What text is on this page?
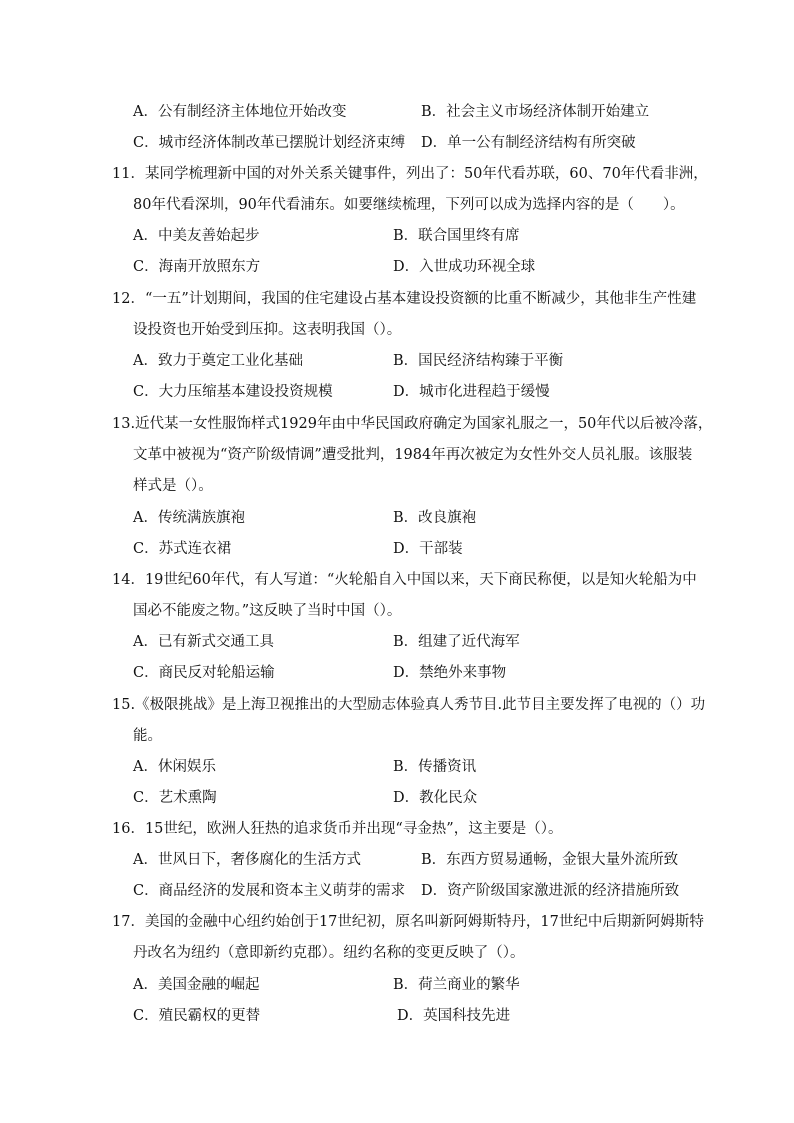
A．公有制经济主体地位开始改变	B．社会主义市场经济体制开始建立
C．城市经济体制改革已摆脱计划经济束缚 D．单一公有制经济结构有所突破
11．某同学梳理新中国的对外关系关键事件，列出了：50年代看苏联，60、70年代看非洲，
80年代看深圳，90年代看浦东。如要继续梳理，下列可以成为选择内容的是（　　）。
A．中美友善始起步	B．联合国里终有席
C．海南开放照东方	D．入世成功环视全球
12．“一五”计划期间，我国的住宅建设占基本建设投资额的比重不断减少，其他非生产性建
设投资也开始受到压抑。这表明我国（）。
A．致力于奠定工业化基础	B．国民经济结构臻于平衡
C．大力压缩基本建设投资规模	D．城市化进程趋于缓慢
13.近代某一女性服饰样式1929年由中华民国政府确定为国家礼服之一，50年代以后被冷落，
文革中被视为“资产阶级情调”遭受批判，1984年再次被定为女性外交人员礼服。该服装
样式是（）。
A．传统满族旗袍	B．改良旗袍
C．苏式连衣裙	D．干部装
14．19世纪60年代，有人写道：“火轮船自入中国以来，天下商民称便，以是知火轮船为中
国必不能废之物。”这反映了当时中国（）。
A．已有新式交通工具	B．组建了近代海军
C．商民反对轮船运输	D．禁绝外来事物
15.《极限挑战》是上海卫视推出的大型励志体验真人秀节目.此节目主要发挥了电视的（）功
能。
A．休闲娱乐	B．传播资讯
C．艺术熏陶	D．教化民众
16．15世纪，欧洲人狂热的追求货币并出现“寻金热”，这主要是（）。
A．世风日下，奢侈腐化的生活方式	B．东西方贸易通畅，金银大量外流所致
C．商品经济的发展和资本主义萌芽的需求 D．资产阶级国家激进派的经济措施所致
17．美国的金融中心纽约始创于17世纪初，原名叫新阿姆斯特丹，17世纪中后期新阿姆斯特
丹改名为纽约（意即新约克郡）。纽约名称的变更反映了（）。
A．美国金融的崛起	B．荷兰商业的繁华
C．殖民霸权的更替	D．英国科技先进
